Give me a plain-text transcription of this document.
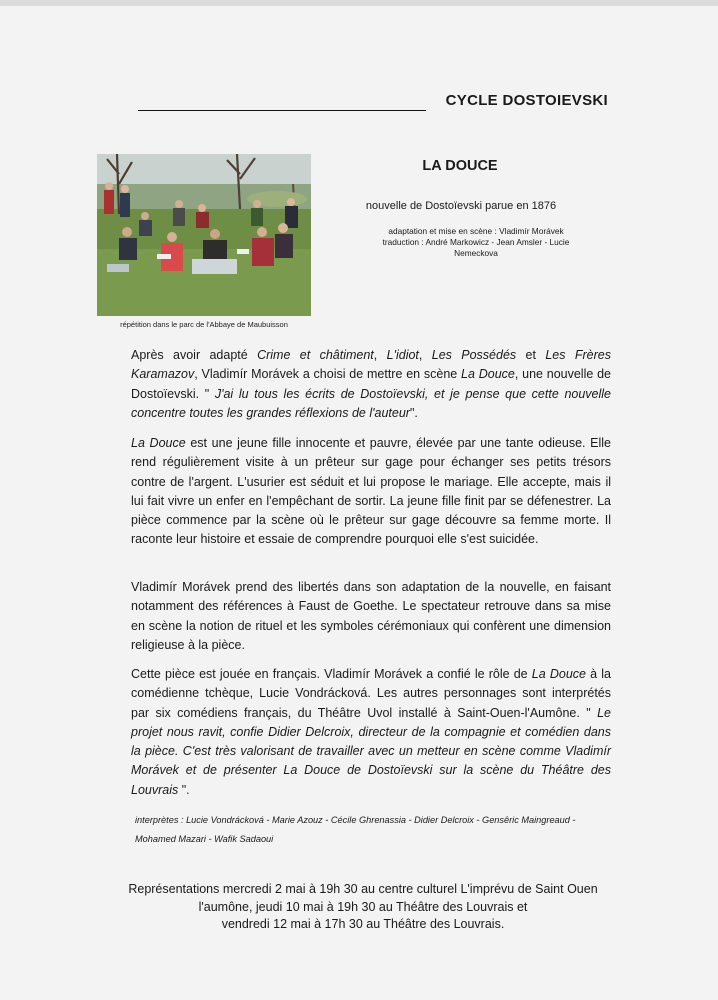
CYCLE DOSTOIEVSKI
répétition dans le parc de l'Abbaye de Maubuisson
LA DOUCE
nouvelle de Dostoïevski parue en 1876
adaptation et mise en scène : Vladimír Morávek
traduction : André Markowicz - Jean Amsler - Lucie Nemeckova

Après avoir adapté Crime et châtiment, L'idiot, Les Possédés et Les Frères Karamazov, Vladimír Morávek a choisi de mettre en scène La Douce, une nouvelle de Dostoïevski. " J'ai lu tous les écrits de Dostoïevski, et je pense que cette nouvelle concentre toutes les grandes réflexions de l'auteur".

La Douce est une jeune fille innocente et pauvre, élevée par une tante odieuse. Elle rend régulièrement visite à un prêteur sur gage pour échanger ses petits trésors contre de l'argent. L'usurier est séduit et lui propose le mariage. Elle accepte, mais il lui fait vivre un enfer en l'empêchant de sortir. La jeune fille finit par se défenestrer. La pièce commence par la scène où le prêteur sur gage découvre sa femme morte. Il raconte leur histoire et essaie de comprendre pourquoi elle s'est suicidée.

Vladimír Morávek prend des libertés dans son adaptation de la nouvelle, en faisant notamment des références à Faust de Goethe. Le spectateur retrouve dans sa mise en scène la notion de rituel et les symboles cérémoniaux qui confèrent une dimension religieuse à la pièce.

Cette pièce est jouée en français. Vladimír Morávek a confié le rôle de La Douce à la comédienne tchèque, Lucie Vondrácková. Les autres personnages sont interprétés par six comédiens français, du Théâtre Uvol installé à Saint-Ouen-l'Aumône. " Le projet nous ravit, confie Didier Delcroix, directeur de la compagnie et comédien dans la pièce. C'est très valorisant de travailler avec un metteur en scène comme Vladimír Morávek et de présenter La Douce de Dostoïevski sur la scène du Théâtre des Louvrais ".

interprètes : Lucie Vondrácková - Marie Azouz - Cécile Ghrenassia - Didier Delcroix - Gensêric Maingreaud - Mohamed Mazari - Wafik Sadaoui
Représentations mercredi 2 mai à 19h 30 au centre culturel L'imprévu de Saint Ouen
l'aumône, jeudi 10 mai à 19h 30 au Théâtre des Louvrais et
vendredi 12 mai à 17h 30 au Théâtre des Louvrais.
